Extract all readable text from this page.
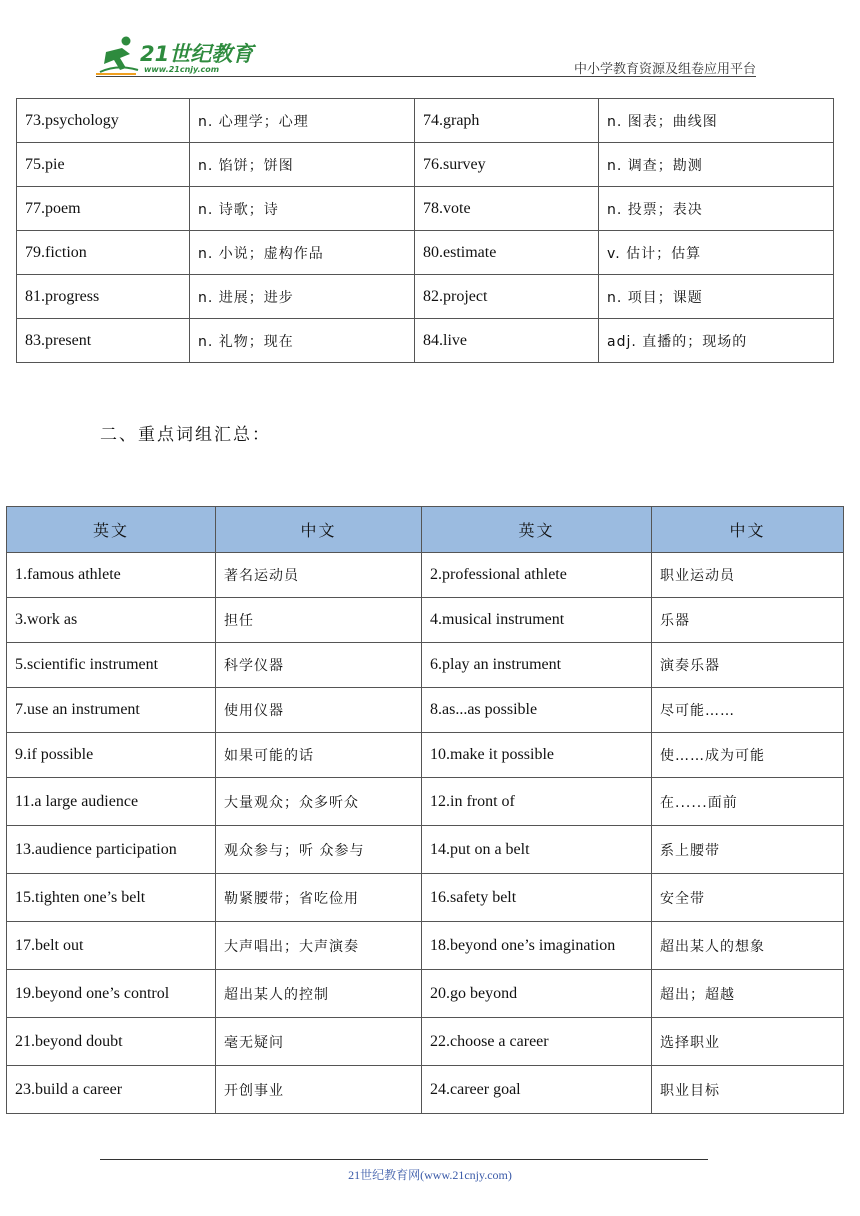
21世纪教育
www.21cnjy.com	中小学教育资源及组卷应用平台
73.psychology	n. 心理学；心理	74.graph	n. 图表；曲线图
75.pie	n. 馅饼；饼图	76.survey	n. 调查；勘测
77.poem	n. 诗歌；诗	78.vote	n. 投票；表决
79.fiction	n. 小说；虚构作品	80.estimate	v. 估计；估算
81.progress	n. 进展；进步	82.project	n. 项目；课题
83.present	n. 礼物；现在	84.live	adj. 直播的；现场的
二、重点词组汇总：
英文	中文	英文	中文
1.famous athlete	著名运动员	2.professional athlete	职业运动员
3.work as	担任	4.musical instrument	乐器
5.scientific instrument	科学仪器	6.play an instrument	演奏乐器
7.use an instrument	使用仪器	8.as...as possible	尽可能……
9.if possible	如果可能的话	10.make it possible	使……成为可能
11.a large audience	大量观众；众多听众	12.in front of	在......面前
13.audience participation	观众参与；听 众参与	14.put on a belt	系上腰带
15.tighten one’s belt	勒紧腰带；省吃俭用	16.safety belt	安全带
17.belt out	大声唱出；大声演奏	18.beyond one’s imagination	超出某人的想象
19.beyond one’s control	超出某人的控制	20.go beyond	超出；超越
21.beyond doubt	毫无疑问	22.choose a career	选择职业
23.build a career	开创事业	24.career goal	职业目标
21世纪教育网(www.21cnjy.com)
